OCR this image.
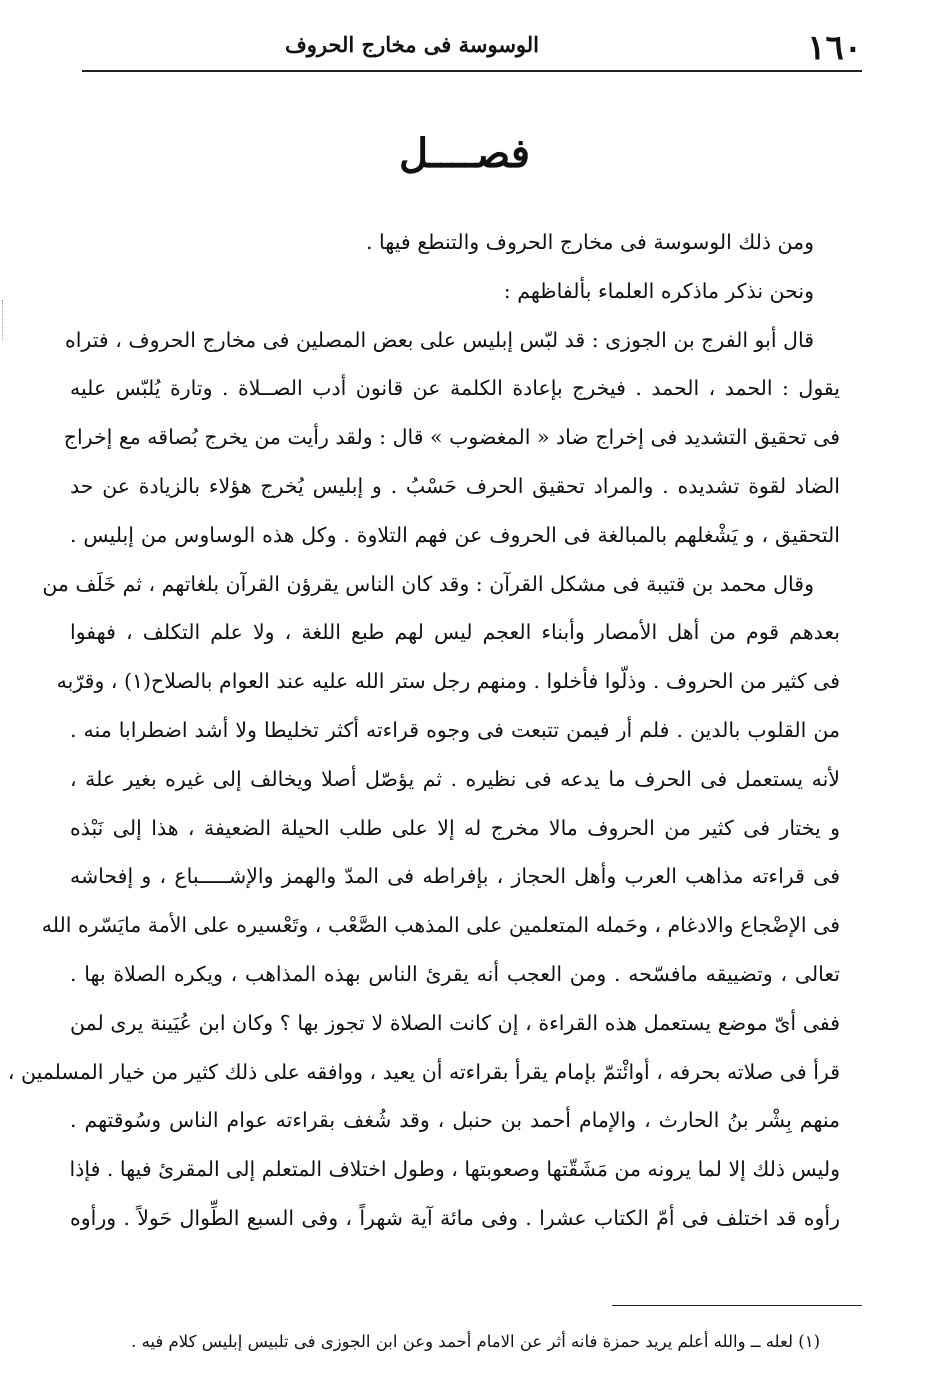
الوسوسة فى مخارج الحروف	١٦٠
فصــــل
ومن ذلك الوسوسة فى مخارج الحروف والتنطع فيها .
ونحن نذكر ماذكره العلماء بألفاظهم :
قال أبو الفرج بن الجوزى : قد لبّس إبليس على بعض المصلين فى مخارج الحروف ، فتراه
يقول : الحمد ، الحمد . فيخرج بإعادة الكلمة عن قانون أدب الصــلاة . وتارة يُلبّس عليه
فى تحقيق التشديد فى إخراج ضاد « المغضوب » قال : ولقد رأيت من يخرج بُصاقه مع إخراج
الضاد لقوة تشديده . والمراد تحقيق الحرف حَسْبُ . و إبليس يُخرج هؤلاء بالزيادة عن حد
التحقيق ، و يَشْغلهم بالمبالغة فى الحروف عن فهم التلاوة . وكل هذه الوساوس من إبليس .
وقال محمد بن قتيبة فى مشكل القرآن : وقد كان الناس يقرؤن القرآن بلغاتهم ، ثم خَلَف من
بعدهم قوم من أهل الأمصار وأبناء العجم ليس لهم طبع اللغة ، ولا علم التكلف ، فهفوا
فى كثير من الحروف . وذلّوا فأخلوا . ومنهم رجل ستر الله عليه عند العوام بالصلاح(١) ، وقرّبه
من القلوب بالدين . فلم أر فيمن تتبعت فى وجوه قراءته أكثر تخليطا ولا أشد اضطرابا منه .
لأنه يستعمل فى الحرف ما يدعه فى نظيره . ثم يؤصّل أصلا ويخالف إلى غيره بغير علة ،
و يختار فى كثير من الحروف مالا مخرج له إلا على طلب الحيلة الضعيفة ، هذا إلى نَبْذه
فى قراءته مذاهب العرب وأهل الحجاز ، بإفراطه فى المدّ والهمز والإشـــــباع ، و إفحاشه
فى الإضْجاع والادغام ، وحَمله المتعلمين على المذهب الصَّعْب ، وتَعْسيره على الأمة مايَسّره الله
تعالى ، وتضييقه مافسّحه . ومن العجب أنه يقرئ الناس بهذه المذاهب ، ويكره الصلاة بها .
ففى أىّ موضع يستعمل هذه القراءة ، إن كانت الصلاة لا تجوز بها ؟ وكان ابن عُيَينة يرى لمن
قرأ فى صلاته بحرفه ، أوائْتمّ بإمام يقرأ بقراءته أن يعيد ، ووافقه على ذلك كثير من خيار المسلمين ،
منهم بِشْر بنُ الحارث ، والإمام أحمد بن حنبل ، وقد شُغف بقراءته عوام الناس وسُوقتهم .
وليس ذلك إلا لما يرونه من مَشَقّتها وصعوبتها ، وطول اختلاف المتعلم إلى المقرئ فيها . فإذا
رأوه قد اختلف فى أمّ الكتاب عشرا . وفى مائة آية شهراً ، وفى السبع الطِّوال حَولاً . ورأوه
(١) لعله ــ والله أعلم يريد حمزة فانه أثر عن الامام أحمد وعن ابن الجوزى فى تلبيس إبليس كلام فيه .
